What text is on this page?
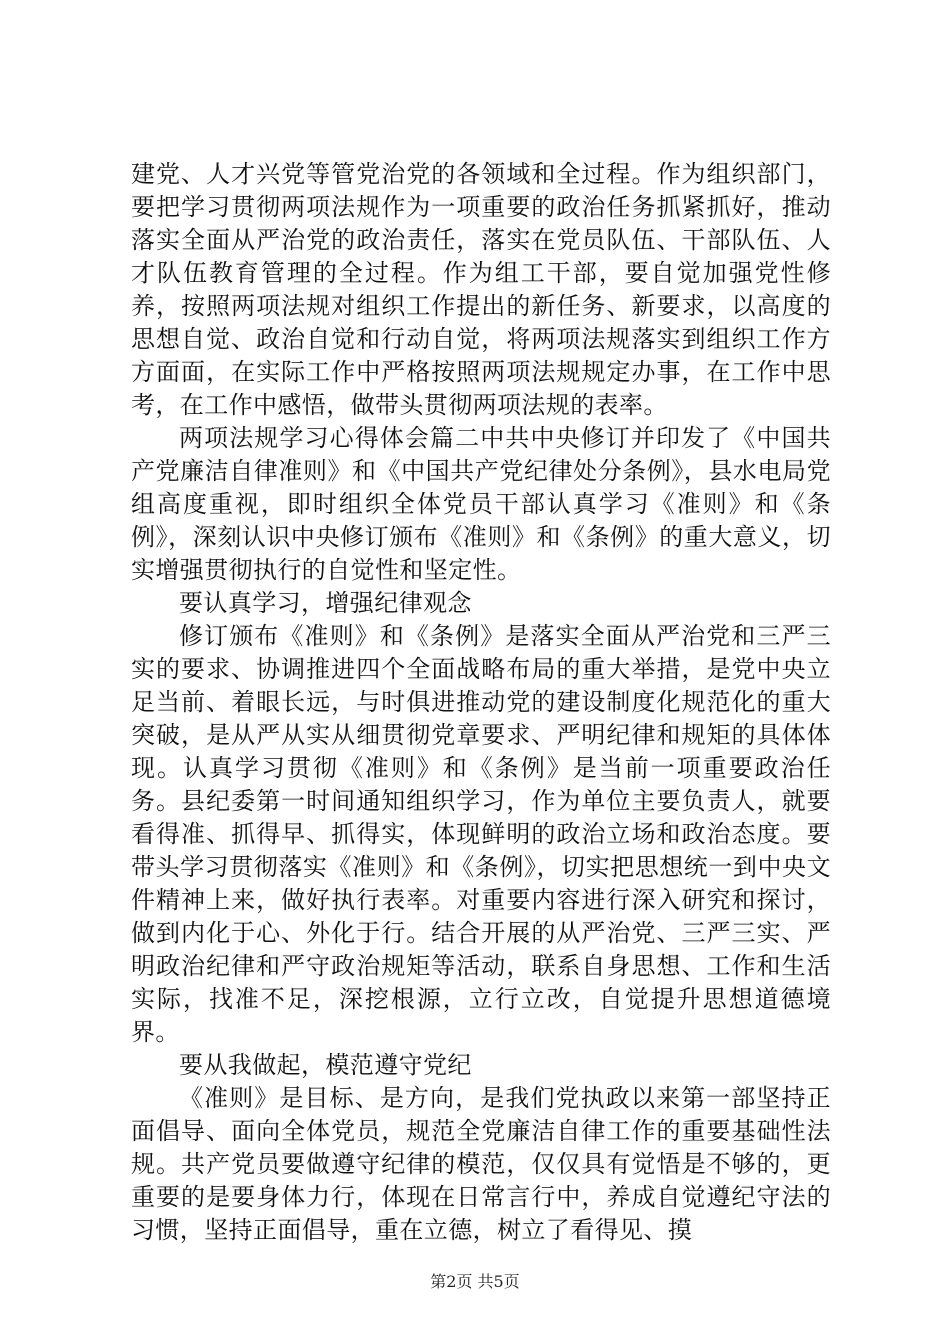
建党、人才兴党等管党治党的各领域和全过程。作为组织部门，要把学习贯彻两项法规作为一项重要的政治任务抓紧抓好，推动落实全面从严治党的政治责任，落实在党员队伍、干部队伍、人才队伍教育管理的全过程。作为组工干部，要自觉加强党性修养，按照两项法规对组织工作提出的新任务、新要求，以高度的思想自觉、政治自觉和行动自觉，将两项法规落实到组织工作方方面面，在实际工作中严格按照两项法规规定办事，在工作中思考，在工作中感悟，做带头贯彻两项法规的表率。

两项法规学习心得体会篇二中共中央修订并印发了《中国共产党廉洁自律准则》和《中国共产党纪律处分条例》，县水电局党组高度重视，即时组织全体党员干部认真学习《准则》和《条例》，深刻认识中央修订颁布《准则》和《条例》的重大意义，切实增强贯彻执行的自觉性和坚定性。

要认真学习，增强纪律观念

修订颁布《准则》和《条例》是落实全面从严治党和三严三实的要求、协调推进四个全面战略布局的重大举措，是党中央立足当前、着眼长远，与时俱进推动党的建设制度化规范化的重大突破，是从严从实从细贯彻党章要求、严明纪律和规矩的具体体现。认真学习贯彻《准则》和《条例》是当前一项重要政治任务。县纪委第一时间通知组织学习，作为单位主要负责人，就要看得准、抓得早、抓得实，体现鲜明的政治立场和政治态度。要带头学习贯彻落实《准则》和《条例》，切实把思想统一到中央文件精神上来，做好执行表率。对重要内容进行深入研究和探讨，做到内化于心、外化于行。结合开展的从严治党、三严三实、严明政治纪律和严守政治规矩等活动，联系自身思想、工作和生活实际，找准不足，深挖根源，立行立改，自觉提升思想道德境界。

要从我做起，模范遵守党纪

《准则》是目标、是方向，是我们党执政以来第一部坚持正面倡导、面向全体党员，规范全党廉洁自律工作的重要基础性法规。共产党员要做遵守纪律的模范，仅仅具有觉悟是不够的，更重要的是要身体力行，体现在日常言行中，养成自觉遵纪守法的习惯，坚持正面倡导，重在立德，树立了看得见、摸

第2页 共5页
